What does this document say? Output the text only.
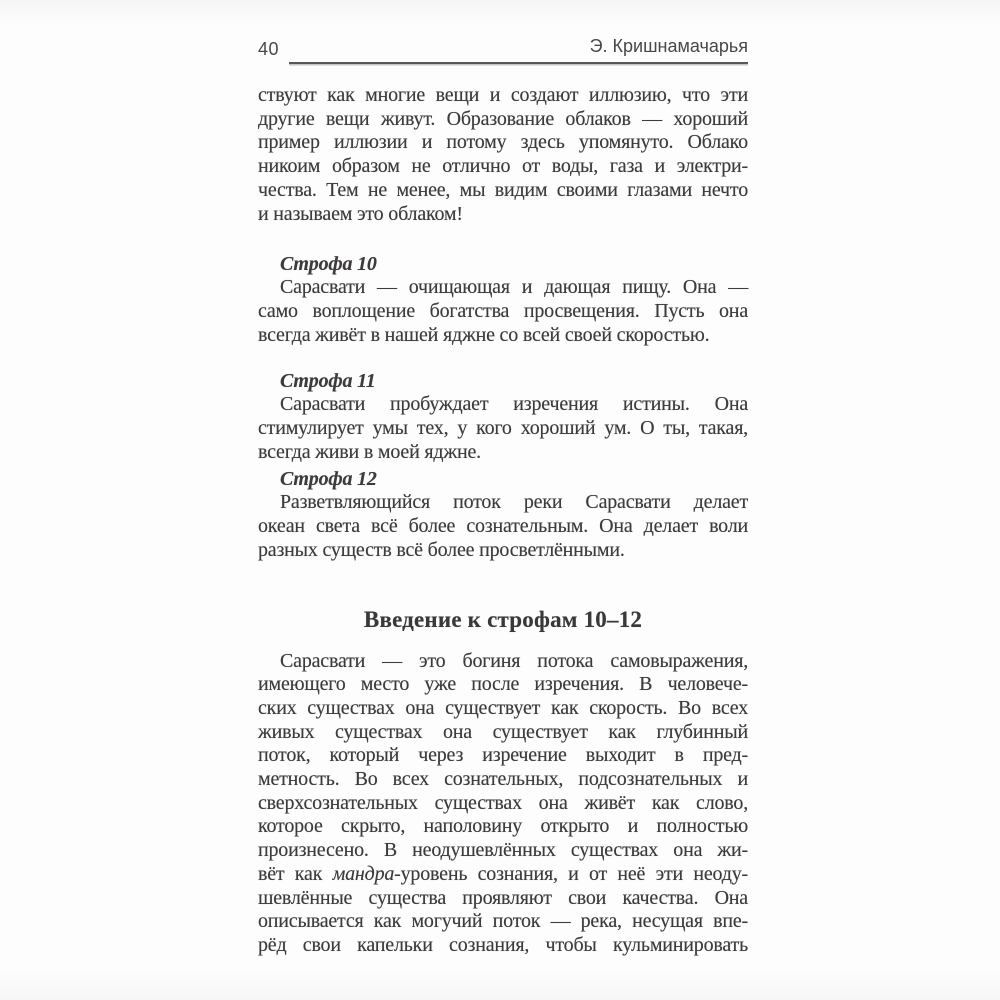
40	Э. Кришнамачарья
ствуют как многие вещи и создают иллюзию, что эти
другие вещи живут. Образование облаков — хороший
пример иллюзии и потому здесь упомянуто. Облако
никоим образом не отлично от воды, газа и электри-
чества. Тем не менее, мы видим своими глазами нечто
и называем это облаком!
Строфа 10
Сарасвати — очищающая и дающая пищу. Она —
само воплощение богатства просвещения. Пусть она
всегда живёт в нашей яджне со всей своей скоростью.
Строфа 11
Сарасвати пробуждает изречения истины. Она
стимулирует умы тех, у кого хороший ум. О ты, такая,
всегда живи в моей яджне.
Строфа 12
Разветвляющийся поток реки Сарасвати делает
океан света всё более сознательным. Она делает воли
разных существ всё более просветлёнными.
Введение к строфам 10–12
Сарасвати — это богиня потока самовыражения,
имеющего место уже после изречения. В человече-
ских существах она существует как скорость. Во всех
живых существах она существует как глубинный
поток, который через изречение выходит в пред-
метность. Во всех сознательных, подсознательных и
сверхсознательных существах она живёт как слово,
которое скрыто, наполовину открыто и полностью
произнесено. В неодушевлённых существах она жи-
вёт как мандра-уровень сознания, и от неё эти неоду-
шевлённые существа проявляют свои качества. Она
описывается как могучий поток — река, несущая впе-
рёд свои капельки сознания, чтобы кульминировать
